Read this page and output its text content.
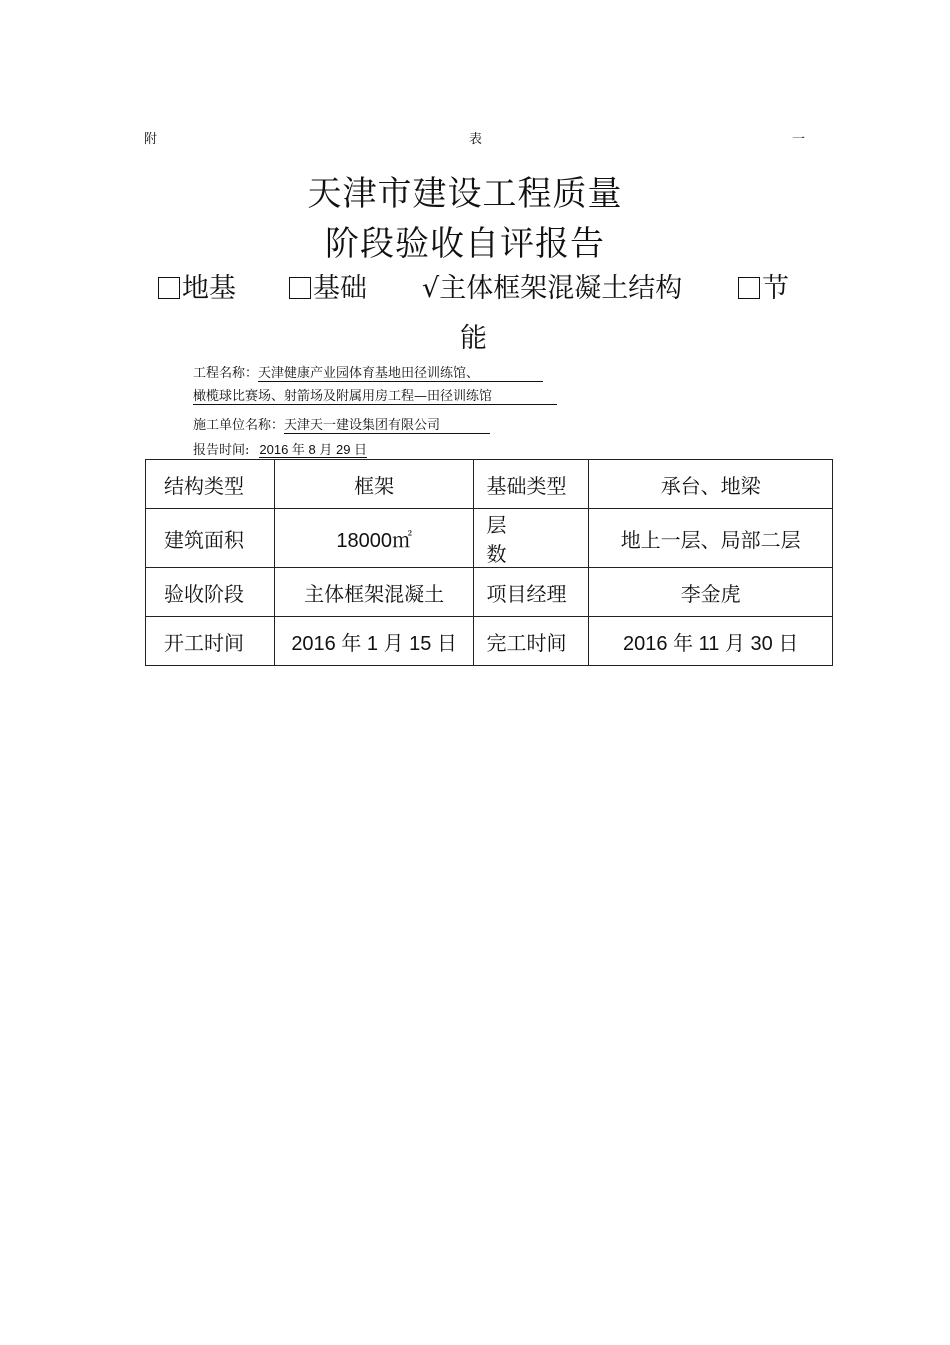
附	表	一
天津市建设工程质量
阶段验收自评报告
地基	基础 √主体框架混凝土结构	节
能
工程名称：天津健康产业园体育基地田径训练馆、
橄榄球比赛场、射箭场及附属用房工程—田径训练馆
施工单位名称：天津天一建设集团有限公司
报告时间: 2016 年 8 月 29 日
结构类型	框架	基础类型	承台、地梁
建筑面积	18000㎡	层数	地上一层、局部二层
验收阶段	主体框架混凝土	项目经理	李金虎
开工时间	2016 年 1 月 15 日	完工时间	2016 年 11 月 30 日
